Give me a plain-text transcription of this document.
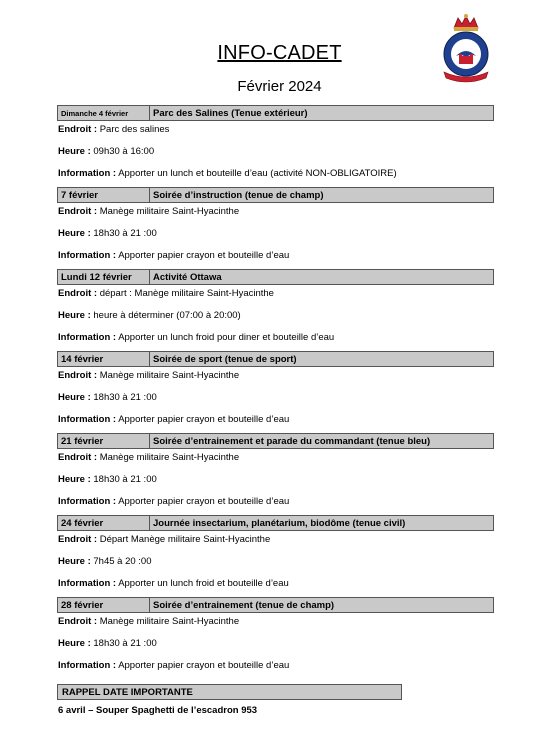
INFO-CADET
Février 2024
Dimanche 4 février	Parc des Salines (Tenue extérieur)
Endroit : Parc des salines
Heure : 09h30 à 16:00
Information : Apporter un lunch et bouteille d’eau (activité NON-OBLIGATOIRE)
7 février	Soirée d’instruction (tenue de champ)
Endroit : Manège militaire Saint-Hyacinthe
Heure : 18h30 à 21 :00
Information : Apporter papier crayon et bouteille d’eau
Lundi 12 février	Activité Ottawa
Endroit : départ : Manège militaire Saint-Hyacinthe
Heure : heure à déterminer (07:00 à 20:00)
Information : Apporter un lunch froid pour diner et bouteille d’eau
14 février	Soirée de sport (tenue de sport)
Endroit : Manège militaire Saint-Hyacinthe
Heure : 18h30 à 21 :00
Information : Apporter papier crayon et bouteille d’eau
21 février	Soirée d’entrainement et parade du commandant (tenue bleu)
Endroit : Manège militaire Saint-Hyacinthe
Heure : 18h30 à 21 :00
Information : Apporter papier crayon et bouteille d’eau
24 février	Journée insectarium, planétarium, biodôme (tenue civil)
Endroit : Départ Manège militaire Saint-Hyacinthe
Heure : 7h45 à 20 :00
Information : Apporter un lunch froid et bouteille d’eau
28 février	Soirée d’entrainement (tenue de champ)
Endroit : Manège militaire Saint-Hyacinthe
Heure : 18h30 à 21 :00
Information : Apporter papier crayon et bouteille d’eau
RAPPEL DATE IMPORTANTE
6 avril – Souper Spaghetti de l’escadron 953
